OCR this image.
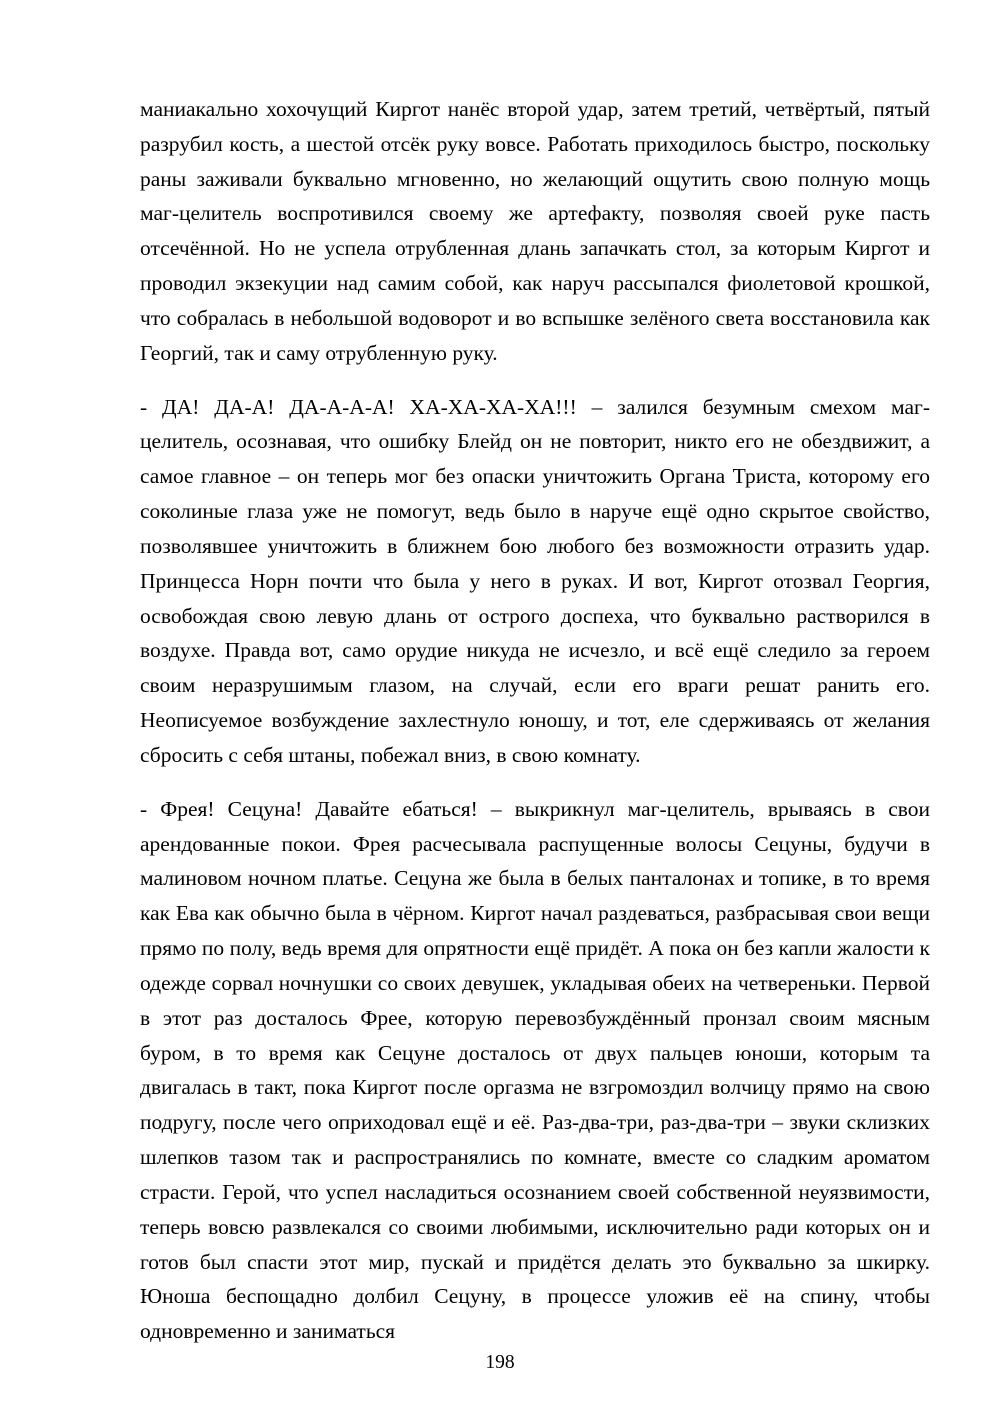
маниакально хохочущий Киргот нанёс второй удар, затем третий, четвёртый, пятый разрубил кость, а шестой отсёк руку вовсе. Работать приходилось быстро, поскольку раны заживали буквально мгновенно, но желающий ощутить свою полную мощь маг-целитель воспротивился своему же артефакту, позволяя своей руке пасть отсечённой. Но не успела отрубленная длань запачкать стол, за которым Киргот и проводил экзекуции над самим собой, как наруч рассыпался фиолетовой крошкой, что собралась в небольшой водоворот и во вспышке зелёного света восстановила как Георгий, так и саму отрубленную руку.

- ДА! ДА-А! ДА-А-А-А! ХА-ХА-ХА-ХА!!! – залился безумным смехом маг-целитель, осознавая, что ошибку Блейд он не повторит, никто его не обездвижит, а самое главное – он теперь мог без опаски уничтожить Органа Триста, которому его соколиные глаза уже не помогут, ведь было в наруче ещё одно скрытое свойство, позволявшее уничтожить в ближнем бою любого без возможности отразить удар. Принцесса Норн почти что была у него в руках. И вот, Киргот отозвал Георгия, освобождая свою левую длань от острого доспеха, что буквально растворился в воздухе. Правда вот, само орудие никуда не исчезло, и всё ещё следило за героем своим неразрушимым глазом, на случай, если его враги решат ранить его. Неописуемое возбуждение захлестнуло юношу, и тот, еле сдерживаясь от желания сбросить с себя штаны, побежал вниз, в свою комнату.

- Фрея! Сецуна! Давайте ебаться! – выкрикнул маг-целитель, врываясь в свои арендованные покои. Фрея расчесывала распущенные волосы Сецуны, будучи в малиновом ночном платье. Сецуна же была в белых панталонах и топике, в то время как Ева как обычно была в чёрном. Киргот начал раздеваться, разбрасывая свои вещи прямо по полу, ведь время для опрятности ещё придёт. А пока он без капли жалости к одежде сорвал ночнушки со своих девушек, укладывая обеих на четвереньки. Первой в этот раз досталось Фрее, которую перевозбуждённый пронзал своим мясным буром, в то время как Сецуне досталось от двух пальцев юноши, которым та двигалась в такт, пока Киргот после оргазма не взгромоздил волчицу прямо на свою подругу, после чего оприходовал ещё и её. Раз-два-три, раз-два-три – звуки склизких шлепков тазом так и распространялись по комнате, вместе со сладким ароматом страсти. Герой, что успел насладиться осознанием своей собственной неуязвимости, теперь вовсю развлекался со своими любимыми, исключительно ради которых он и готов был спасти этот мир, пускай и придётся делать это буквально за шкирку. Юноша беспощадно долбил Сецуну, в процессе уложив её на спину, чтобы одновременно и заниматься

198
